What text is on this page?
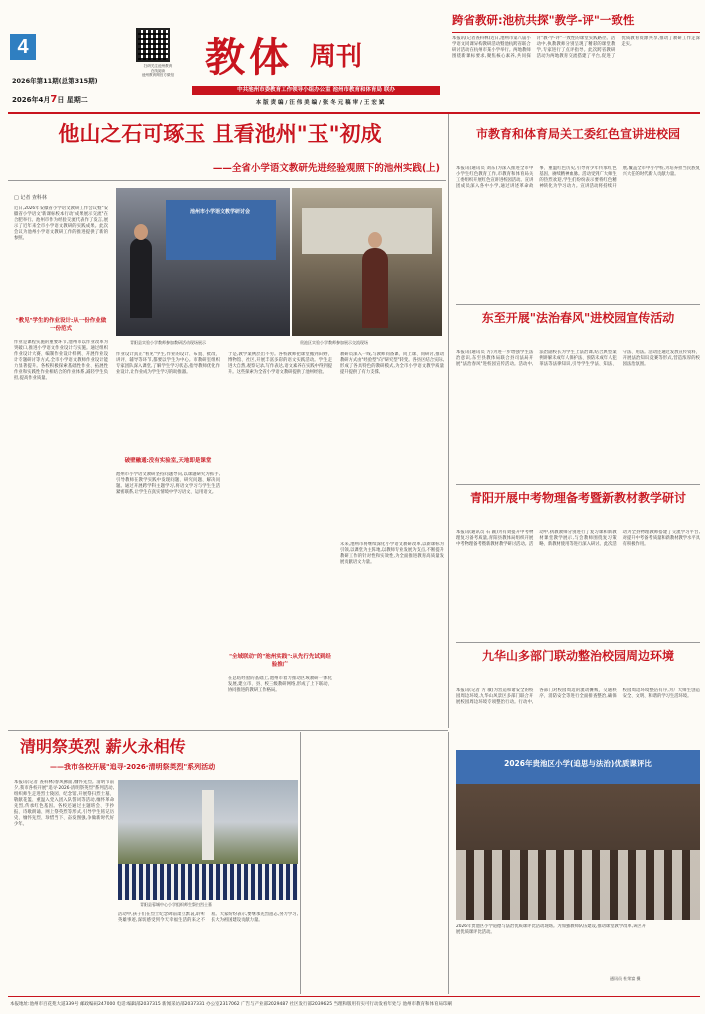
4
扫码关注池州教育
在线阅读
池州教育网官方微信 教体 周刊
2026年第11期(总第315期)
2026年4月7日 星期二
中共池州市委教育工作领导小组办公室 池州市教育和体育局 联办
本 版 责 编 / 汪 伟 美 编 / 张 冬 元 稿 审 / 王 宏 斌
跨省教研:池杭共探"教学-评"一致性
本报讯(记者查科林)近日,池州市第八届小学语文同课异构教研活动暨池杭跨省联合研讨活动在杭州市某小学举行。两地教师围绕新课标要求,聚焦核心素养,共同探讨"教-学-评"一致性的课堂实践路径。活动中,执教教师分别呈现了精彩的课堂教学,专家进行了点评指导。此次跨省教研活动为两地教育交流搭建了平台,促进了优质教育资源共享,推动了教研工作走深走实。
他山之石可琢玉 且看池州"玉"初成
——全省小学语文教研先进经验观照下的池州实践(上)
□ 记者 查科林
近日,2026年安徽省小学语文教研工作会议暨"安徽省小学语文'新课标校本行动'成果展示交流"在合肥举行。池州市作为经验交流代表作了发言,展示了近年来全市小学语文教研的实践成果。此次会议为池州小学语文教研工作的推进提供了新的参照。
"教见"学生的作业设计:从一份作业做一份范式
作业是课程实施的重要环节,池州市以作业改革为突破口,推进小学语文作业设计与实施。通过组织作业设计大赛、编制作业设计样例、开展作业设计专题研讨等方式,全市小学语文教师作业设计能力显著提升。各校积极探索基础性作业、拓展性作业和实践性作业相结合的作业体系,减轻学生负担,提高作业质量。
池州市小学语文教学研讨会
青阳县实验小学教师参加教研活动现场展示	贵池区实验小学教师参加展示交流现场
作业设计真正"看见"学生,作业的设计、布置、批改、讲评、辅导等环节,都要以学生为中心。市教研室组织专家团队深入课堂,了解学生学习状态,指导教师优化作业设计,让作业成为学生学习的助推器。
破壁融通:没有实验室,天地即是课堂
池州市小学语文教研坚持问题导向,以课题研究为抓手,引导教师在教学实践中发现问题、研究问题、解决问题。通过开展跨学科主题学习,将语文学习与学生生活紧密联系,让学生在真实情境中学习语文、运用语文。
于是,教学案例层出不穷。各校教师把课堂搬到田野、博物馆、社区,开展丰富多彩的语文实践活动。学生走进大自然,观察记录,写作表达,语文素养在实践中得到提升。这些探索为全省小学语文教研提供了池州经验。
"全域联动"的"池州实践":从先行先试到经验推广
在总结经验的基础上,池州市着力推动区域教研一体化发展,建立市、县、校三级教研网络,形成了上下联动、协同推进的教研工作格局。
教研员深入一线,与教师同备课、同上课、同研讨,推动教研方式由"经验型"向"研究型"转变。各县区结合实际,形成了各具特色的教研模式,为全市小学语文教学质量提升提供了有力支撑。
未来,池州市将继续深化小学语文教研改革,以新课标为引领,以课堂为主阵地,以教师专业发展为支点,不断提升教研工作的针对性和实效性,为全面推进教育高质量发展贡献语文力量。
市教育和体育局关工委红色宣讲进校园
本报讯(通讯员 刘东)为深入推进全市中小学生红色教育工作,市教育和体育局关工委组织开展红色宣讲进校园活动。宣讲团成员深入各中小学,通过讲述革命故事、重温红色历史,引导青少年传承红色基因、赓续精神血脉。活动受到广大师生的热烈欢迎,学生们纷纷表示要将红色精神转化为学习动力。宣讲活动将持续开展,覆盖全市中小学校,为培养担当民族复兴大任的时代新人贡献力量。
东至开展"法治春风"进校园宣传活动
本报讯(通讯员 方)为进一步增强学生法治意识,东至县教体局联合县司法局开展"法治春风"进校园宣传活动。活动中,法治副校长为学生上法治课,结合典型案例讲解未成年人保护法、预防未成年人犯罪法等法律知识,引导学生学法、知法、守法、用法。活动还通过发放宣传资料、开展法治知识竞赛等形式,营造浓厚的校园法治氛围。
青阳开展中考物理备考暨新教材教学研讨
本报讯(通讯员 石 颖)为有效提升中考物理复习备考质量,青阳县教体局组织开展中考物理备考暨新教材教学研讨活动。活动中,执教教师分别进行了复习课和新教材课堂教学展示,与会教师围绕复习策略、新教材使用等进行深入研讨。此次活动为全县物理教师搭建了交流学习平台,对提升中考备考质量和新教材教学水平具有积极作用。
九华山多部门联动整治校园周边环境
本报讯(记者 方 敏)为营造和谐安全的校园周边环境,九华山风景区多部门联合开展校园周边环境专项整治行动。行动中,各部门对校园周边的流动摊贩、交通秩序、消防安全等进行全面排查整治,确保校园周边环境整洁有序,为广大师生创造安全、文明、和谐的学习生活环境。
清明祭英烈 薪火永相传
——我市各校开展"追寻·2026·清明祭英烈"系列活动
本报讯(记者 查科林)春风拂面,缅怀先烈。清明节前夕,我市各校开展"追寻·2026·清明祭英烈"系列活动,组织师生走进烈士陵园、纪念馆,开展祭扫烈士墓、敬献花篮、重温入党入团入队誓词等活动,缅怀革命先烈,传承红色基因。各校还通过主题班会、手抄报、诗歌朗诵、网上祭英烈等形式,引导学生铭记历史、缅怀先烈、珍惜当下、奋发图强,争做新时代好少年。
青阳县蓉城中心小学组织师生祭扫烈士墓
活动中,孩子们在烈士纪念碑前肃立默哀,聆听英雄事迹,深切感受到今天幸福生活的来之不易。大家纷纷表示,要继承先烈遗志,努力学习,长大为祖国建设贡献力量。
2026年贵池区小学(追思与法治)优质课评比
2026年贵池区小学道德与法治优质课评比活动现场。为加强教师队伍建设,推动课堂教学改革,该区开展优质课评比活动。
通讯员 杜荣富 摄
本报地址:池州市百花苑大道339号 邮政编码247000 电话:编辑部2037315 新闻采访部2037331 办公室2317062 广告与产业部2029487 社区发行部2039625 当理和版用有实可行动发看年处与 池州市教育和体育局印刷
